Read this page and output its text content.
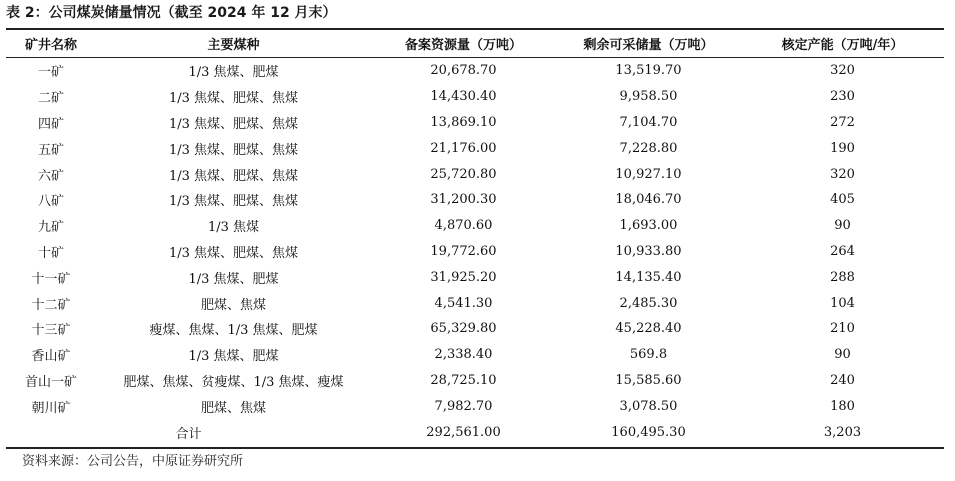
表 2：公司煤炭储量情况（截至 2024 年 12 月末）
矿井名称	主要煤种	备案资源量（万吨）	剩余可采储量（万吨）	核定产能（万吨/年）
一矿	1/3 焦煤、肥煤	20,678.70	13,519.70	320
二矿	1/3 焦煤、肥煤、焦煤	14,430.40	9,958.50	230
四矿	1/3 焦煤、肥煤、焦煤	13,869.10	7,104.70	272
五矿	1/3 焦煤、肥煤、焦煤	21,176.00	7,228.80	190
六矿	1/3 焦煤、肥煤、焦煤	25,720.80	10,927.10	320
八矿	1/3 焦煤、肥煤、焦煤	31,200.30	18,046.70	405
九矿	1/3 焦煤	4,870.60	1,693.00	90
十矿	1/3 焦煤、肥煤、焦煤	19,772.60	10,933.80	264
十一矿	1/3 焦煤、肥煤	31,925.20	14,135.40	288
十二矿	肥煤、焦煤	4,541.30	2,485.30	104
十三矿	瘦煤、焦煤、1/3 焦煤、肥煤	65,329.80	45,228.40	210
香山矿	1/3 焦煤、肥煤	2,338.40	569.8	90
首山一矿	肥煤、焦煤、贫瘦煤、1/3 焦煤、瘦煤	28,725.10	15,585.60	240
朝川矿	肥煤、焦煤	7,982.70	3,078.50	180
合计		292,561.00	160,495.30	3,203
资料来源：公司公告，中原证券研究所
